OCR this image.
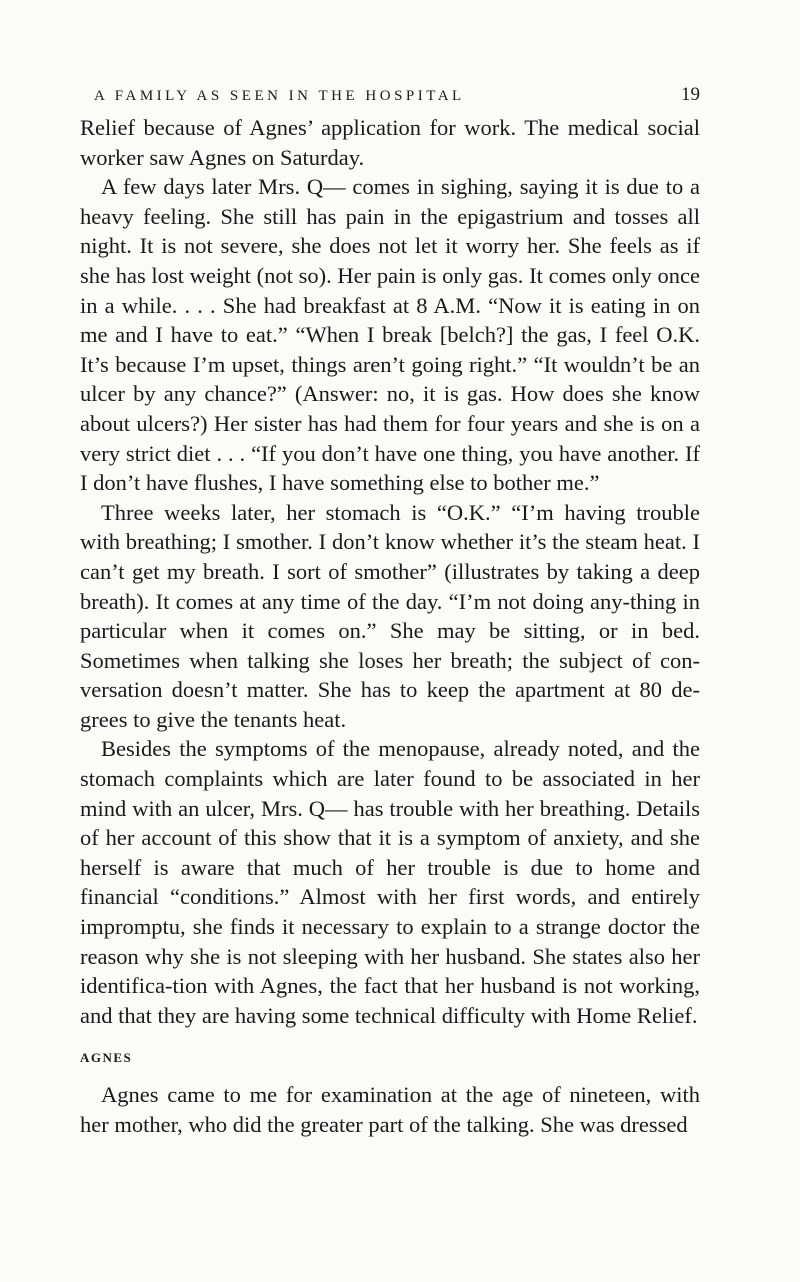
A FAMILY AS SEEN IN THE HOSPITAL	19

Relief because of Agnes’ application for work. The medical social worker saw Agnes on Saturday.

A few days later Mrs. Q— comes in sighing, saying it is due to a heavy feeling. She still has pain in the epigastrium and tosses all night. It is not severe, she does not let it worry her. She feels as if she has lost weight (not so). Her pain is only gas. It comes only once in a while. . . . She had breakfast at 8 A.M. “Now it is eating in on me and I have to eat.” “When I break [belch?] the gas, I feel O.K. It’s because I’m upset, things aren’t going right.” “It wouldn’t be an ulcer by any chance?” (Answer: no, it is gas. How does she know about ulcers?) Her sister has had them for four years and she is on a very strict diet . . . “If you don’t have one thing, you have another. If I don’t have flushes, I have something else to bother me.”

Three weeks later, her stomach is “O.K.” “I’m having trouble with breathing; I smother. I don’t know whether it’s the steam heat. I can’t get my breath. I sort of smother” (illustrates by taking a deep breath). It comes at any time of the day. “I’m not doing any-thing in particular when it comes on.” She may be sitting, or in bed. Sometimes when talking she loses her breath; the subject of con-versation doesn’t matter. She has to keep the apartment at 80 de-grees to give the tenants heat.

Besides the symptoms of the menopause, already noted, and the stomach complaints which are later found to be associated in her mind with an ulcer, Mrs. Q— has trouble with her breathing. Details of her account of this show that it is a symptom of anxiety, and she herself is aware that much of her trouble is due to home and financial “conditions.” Almost with her first words, and entirely impromptu, she finds it necessary to explain to a strange doctor the reason why she is not sleeping with her husband. She states also her identifica-tion with Agnes, the fact that her husband is not working, and that they are having some technical difficulty with Home Relief.

AGNES

Agnes came to me for examination at the age of nineteen, with her mother, who did the greater part of the talking. She was dressed
